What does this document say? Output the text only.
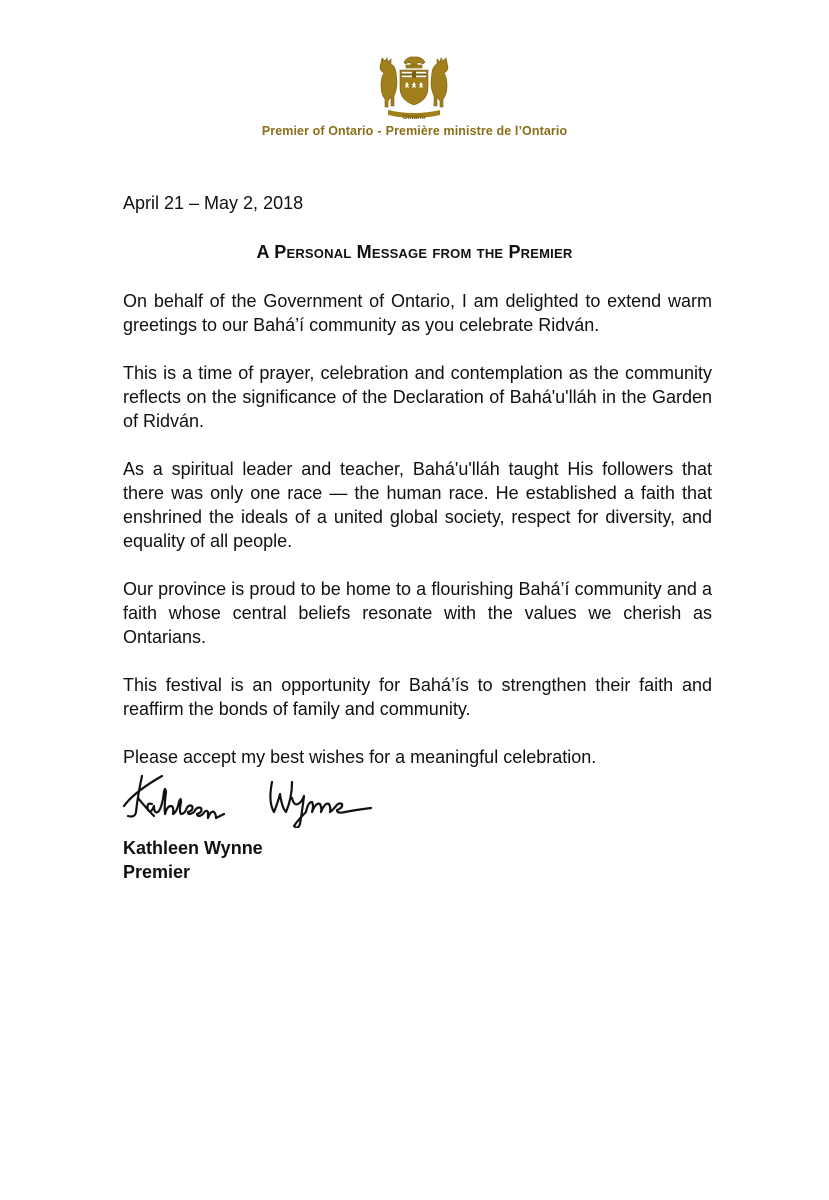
Ontario
Premier of Ontario - Première ministre de l’Ontario
April 21 – May 2, 2018
A Personal Message from the Premier

On behalf of the Government of Ontario, I am delighted to extend warm greetings to our Bahá’í community as you celebrate Ridván.

This is a time of prayer, celebration and contemplation as the community reflects on the significance of the Declaration of Bahá'u'lláh in the Garden of Ridván.

As a spiritual leader and teacher, Bahá'u'lláh taught His followers that there was only one race — the human race. He established a faith that enshrined the ideals of a united global society, respect for diversity, and equality of all people.

Our province is proud to be home to a flourishing Bahá’í community and a faith whose central beliefs resonate with the values we cherish as Ontarians.

This festival is an opportunity for Bahá’ís to strengthen their faith and reaffirm the bonds of family and community.

Please accept my best wishes for a meaningful celebration.

Kathleen Wynne
Premier
